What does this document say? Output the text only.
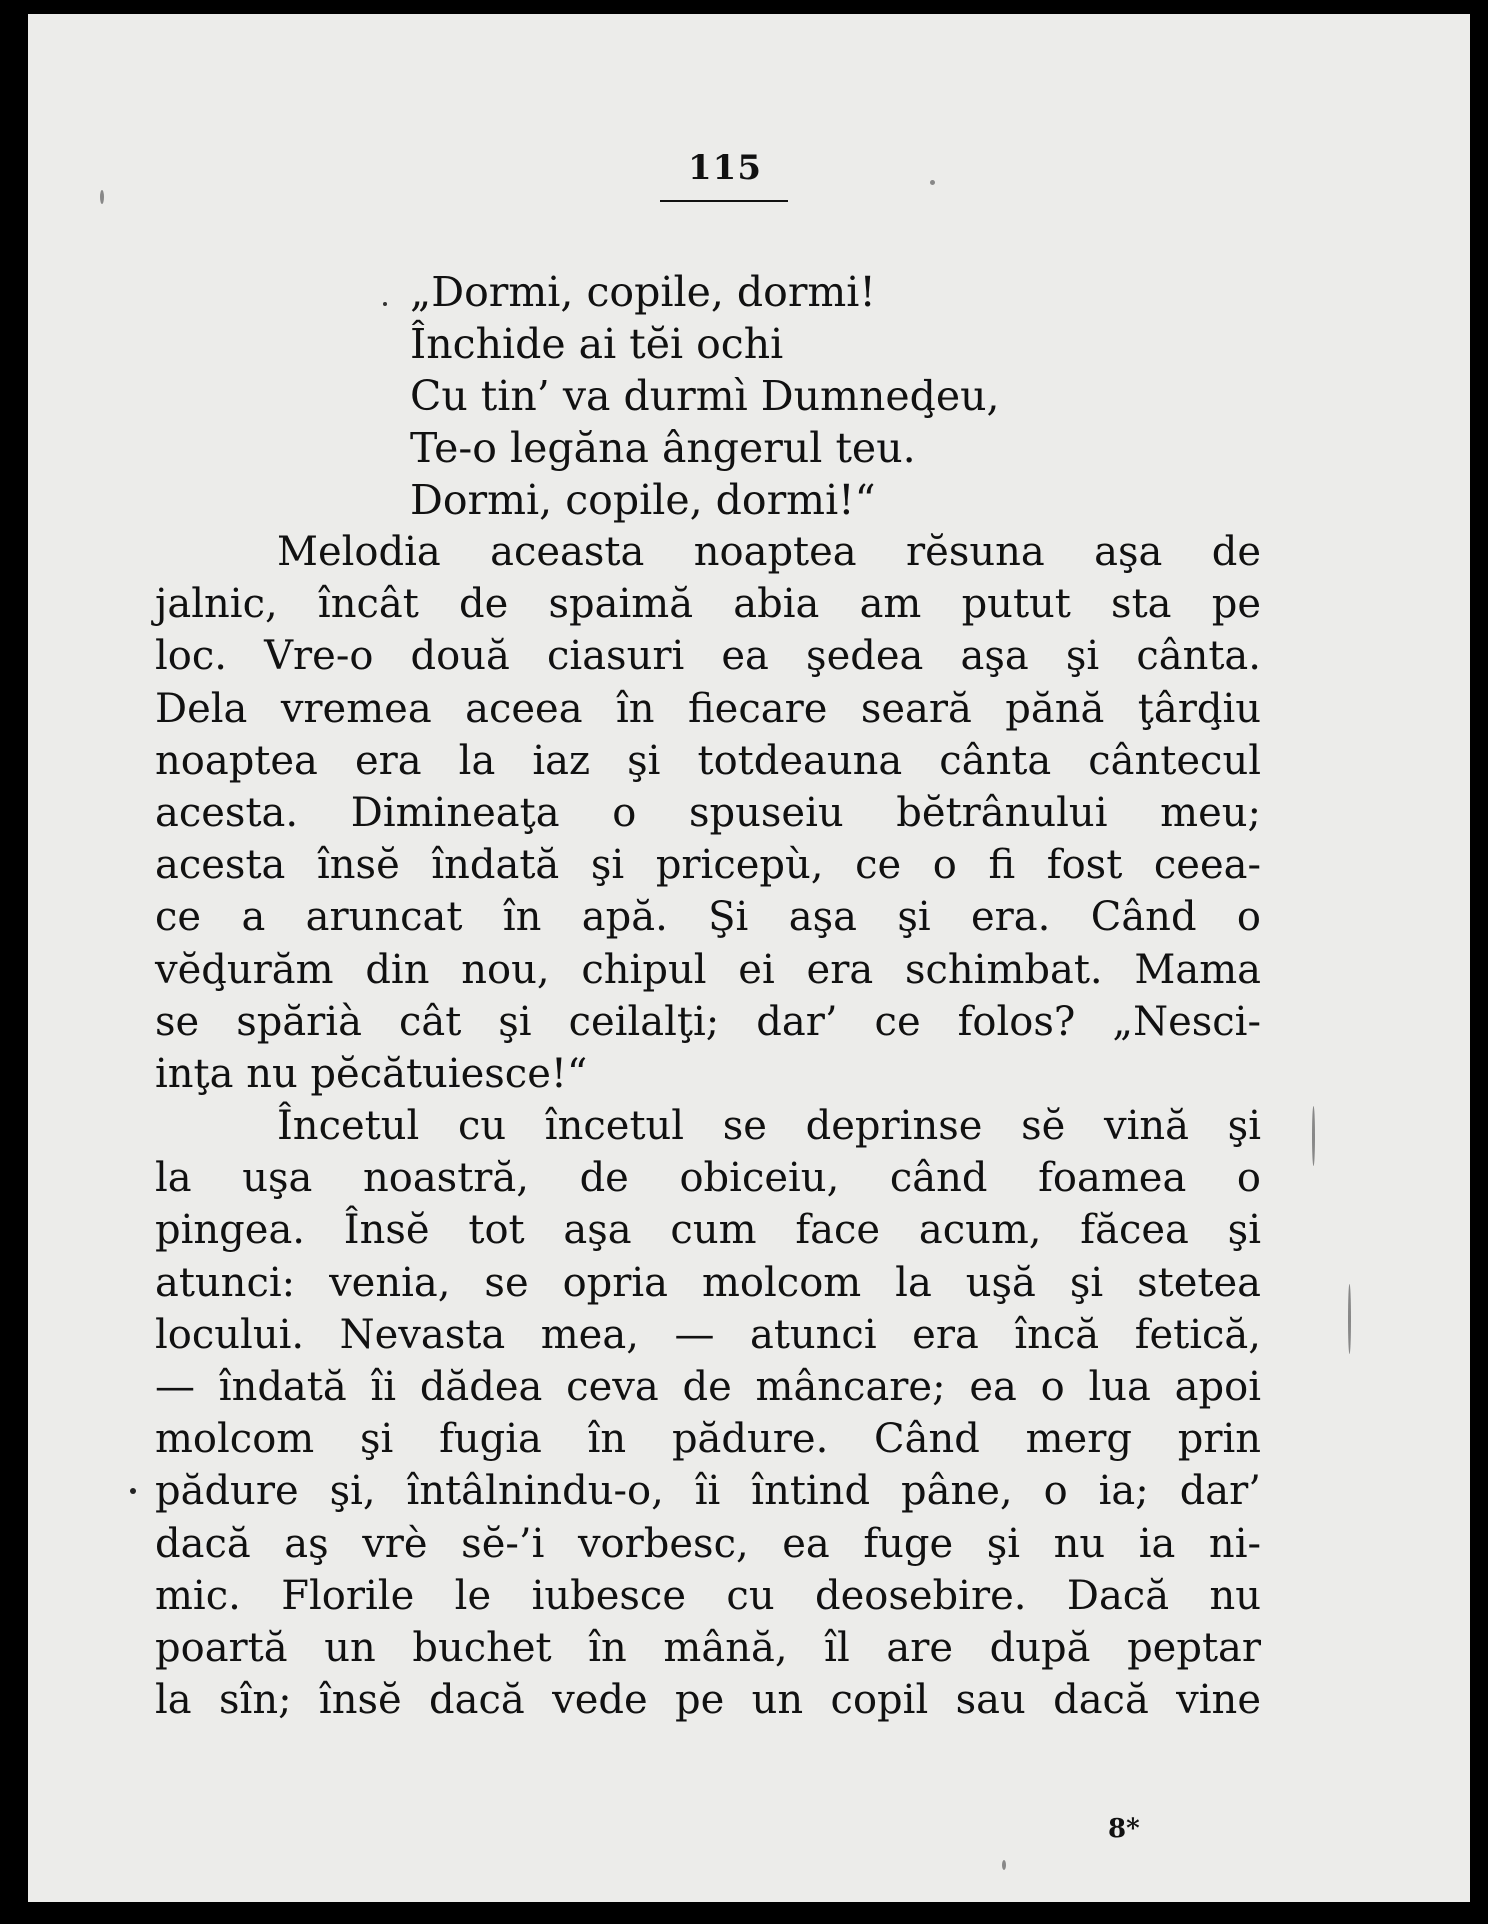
115
„Dormi, copile, dormi!
Închide ai tĕi ochi
Cu tin’ va durmì Dumneḑeu,
Te-o legăna ângerul teu.
Dormi, copile, dormi!“
Melodia aceasta noaptea rĕsuna aşa de
jalnic, încât de spaimă abia am putut sta pe
loc. Vre-o două ciasuri ea şedea aşa şi cânta.
Dela vremea aceea în fiecare seară pănă ţârḑiu
noaptea era la iaz şi totdeauna cânta cântecul
acesta. Dimineaţa o spuseiu bĕtrânului meu;
acesta însĕ îndată şi pricepù, ce o fi fost ceea-
ce a aruncat în apă. Şi aşa şi era. Când o
vĕḑurăm din nou, chipul ei era schimbat. Mama
se spărià cât şi ceilalţi; dar’ ce folos? „Nesci-
inţa nu pĕcătuiesce!“
Încetul cu încetul se deprinse sĕ vină şi
la uşa noastră, de obiceiu, când foamea o
pingea. Însĕ tot aşa cum face acum, făcea şi
atunci: venia, se opria molcom la uşă şi stetea
locului. Nevasta mea, — atunci era încă fetică,
— îndată îi dădea ceva de mâncare; ea o lua apoi
molcom şi fugia în pădure. Când merg prin
pădure şi, întâlnindu-o, îi întind pâne, o ia; dar’
dacă aş vrè sĕ-’i vorbesc, ea fuge şi nu ia ni-
mic. Florile le iubesce cu deosebire. Dacă nu
poartă un buchet în mână, îl are după peptar
la sîn; însĕ dacă vede pe un copil sau dacă vine
8*
